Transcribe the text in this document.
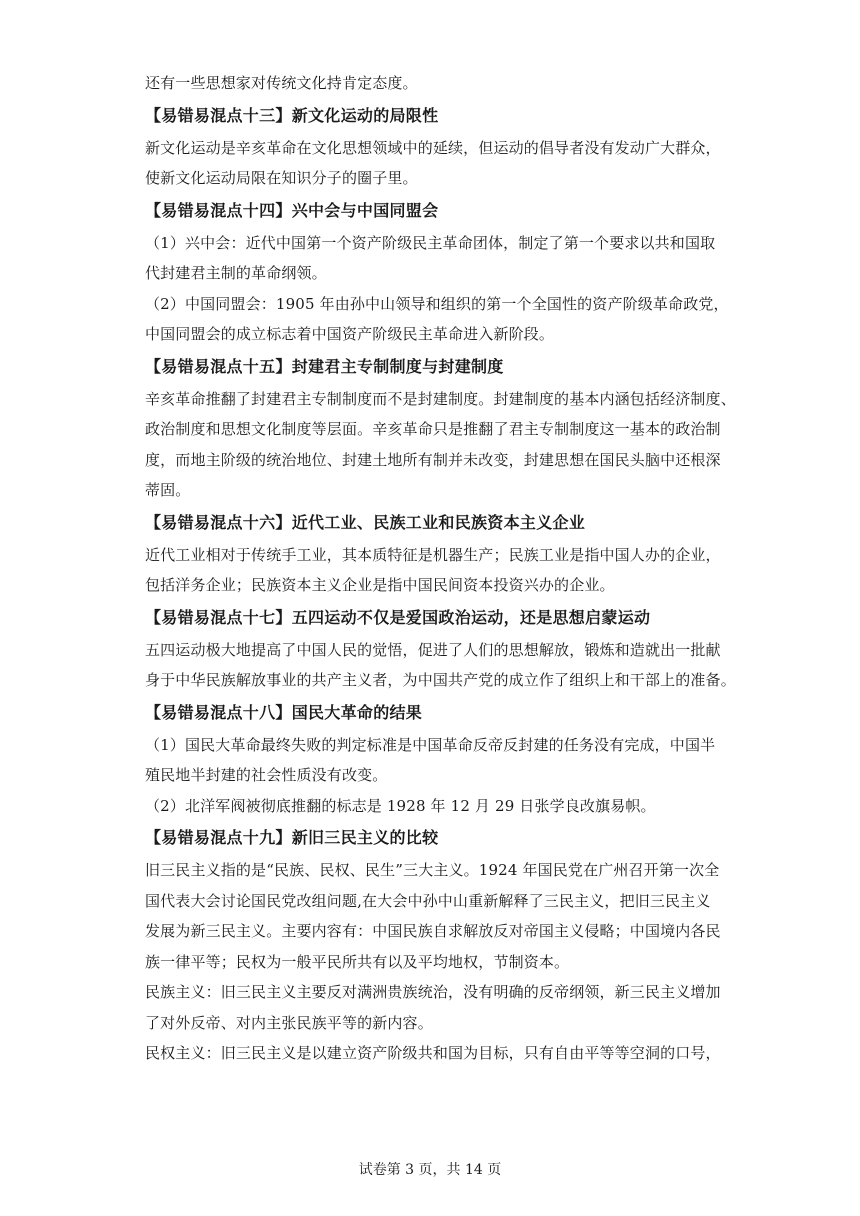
还有一些思想家对传统文化持肯定态度。

【易错易混点十三】新文化运动的局限性

新文化运动是辛亥革命在文化思想领域中的延续，但运动的倡导者没有发动广大群众，

使新文化运动局限在知识分子的圈子里。

【易错易混点十四】兴中会与中国同盟会

（1）兴中会：近代中国第一个资产阶级民主革命团体，制定了第一个要求以共和国取

代封建君主制的革命纲领。

（2）中国同盟会：1905 年由孙中山领导和组织的第一个全国性的资产阶级革命政党，

中国同盟会的成立标志着中国资产阶级民主革命进入新阶段。

【易错易混点十五】封建君主专制制度与封建制度

辛亥革命推翻了封建君主专制制度而不是封建制度。封建制度的基本内涵包括经济制度、

政治制度和思想文化制度等层面。辛亥革命只是推翻了君主专制制度这一基本的政治制

度，而地主阶级的统治地位、封建土地所有制并未改变，封建思想在国民头脑中还根深

蒂固。

【易错易混点十六】近代工业、民族工业和民族资本主义企业

近代工业相对于传统手工业，其本质特征是机器生产；民族工业是指中国人办的企业，

包括洋务企业；民族资本主义企业是指中国民间资本投资兴办的企业。

【易错易混点十七】五四运动不仅是爱国政治运动，还是思想启蒙运动

五四运动极大地提高了中国人民的觉悟，促进了人们的思想解放，锻炼和造就出一批献

身于中华民族解放事业的共产主义者，为中国共产党的成立作了组织上和干部上的准备。

【易错易混点十八】国民大革命的结果

（1）国民大革命最终失败的判定标准是中国革命反帝反封建的任务没有完成，中国半

殖民地半封建的社会性质没有改变。

（2）北洋军阀被彻底推翻的标志是 1928 年 12 月 29 日张学良改旗易帜。

【易错易混点十九】新旧三民主义的比较

旧三民主义指的是“民族、民权、民生”三大主义。1924 年国民党在广州召开第一次全

国代表大会讨论国民党改组问题,在大会中孙中山重新解释了三民主义，把旧三民主义

发展为新三民主义。主要内容有：中国民族自求解放反对帝国主义侵略；中国境内各民

族一律平等；民权为一般平民所共有以及平均地权，节制资本。

民族主义：旧三民主义主要反对满洲贵族统治，没有明确的反帝纲领，新三民主义增加

了对外反帝、对内主张民族平等的新内容。

民权主义：旧三民主义是以建立资产阶级共和国为目标，只有自由平等等空洞的口号，

试卷第 3 页，共 14 页
